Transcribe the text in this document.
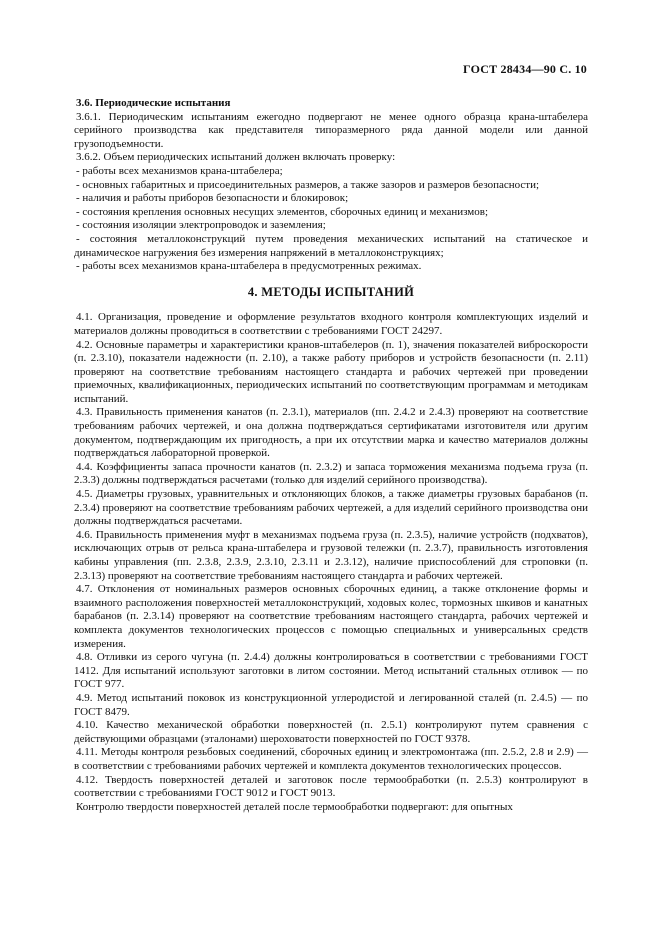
ГОСТ 28434—90 С. 10
3.6. Периодические испытания

3.6.1. Периодическим испытаниям ежегодно подвергают не менее одного образца крана-штабелера серийного производства как представителя типоразмерного ряда данной модели или данной грузоподъемности.

3.6.2. Объем периодических испытаний должен включать проверку:

- работы всех механизмов крана-штабелера;

- основных габаритных и присоединительных размеров, а также зазоров и размеров безопасности;

- наличия и работы приборов безопасности и блокировок;

- состояния крепления основных несущих элементов, сборочных единиц и механизмов;

- состояния изоляции электропроводок и заземления;

- состояния металлоконструкций путем проведения механических испытаний на статическое и динамическое нагружения без измерения напряжений в металлоконструкциях;

- работы всех механизмов крана-штабелера в предусмотренных режимах.

4. МЕТОДЫ ИСПЫТАНИЙ

4.1. Организация, проведение и оформление результатов входного контроля комплектующих изделий и материалов должны проводиться в соответствии с требованиями ГОСТ 24297.

4.2. Основные параметры и характеристики кранов-штабелеров (п. 1), значения показателей виброскорости (п. 2.3.10), показатели надежности (п. 2.10), а также работу приборов и устройств безопасности (п. 2.11) проверяют на соответствие требованиям настоящего стандарта и рабочих чертежей при проведении приемочных, квалификационных, периодических испытаний по соответствующим программам и методикам испытаний.

4.3. Правильность применения канатов (п. 2.3.1), материалов (пп. 2.4.2 и 2.4.3) проверяют на соответствие требованиям рабочих чертежей, и она должна подтверждаться сертификатами изготовителя или другим документом, подтверждающим их пригодность, а при их отсутствии марка и качество материалов должны подтверждаться лабораторной проверкой.

4.4. Коэффициенты запаса прочности канатов (п. 2.3.2) и запаса торможения механизма подъема груза (п. 2.3.3) должны подтверждаться расчетами (только для изделий серийного производства).

4.5. Диаметры грузовых, уравнительных и отклоняющих блоков, а также диаметры грузовых барабанов (п. 2.3.4) проверяют на соответствие требованиям рабочих чертежей, а для изделий серийного производства они должны подтверждаться расчетами.

4.6. Правильность применения муфт в механизмах подъема груза (п. 2.3.5), наличие устройств (подхватов), исключающих отрыв от рельса крана-штабелера и грузовой тележки (п. 2.3.7), правильность изготовления кабины управления (пп. 2.3.8, 2.3.9, 2.3.10, 2.3.11 и 2.3.12), наличие приспособлений для строповки (п. 2.3.13) проверяют на соответствие требованиям настоящего стандарта и рабочих чертежей.

4.7. Отклонения от номинальных размеров основных сборочных единиц, а также отклонение формы и взаимного расположения поверхностей металлоконструкций, ходовых колес, тормозных шкивов и канатных барабанов (п. 2.3.14) проверяют на соответствие требованиям настоящего стандарта, рабочих чертежей и комплекта документов технологических процессов с помощью специальных и универсальных средств измерения.

4.8. Отливки из серого чугуна (п. 2.4.4) должны контролироваться в соответствии с требованиями ГОСТ 1412. Для испытаний используют заготовки в литом состоянии. Метод испытаний стальных отливок — по ГОСТ 977.

4.9. Метод испытаний поковок из конструкционной углеродистой и легированной сталей (п. 2.4.5) — по ГОСТ 8479.

4.10. Качество механической обработки поверхностей (п. 2.5.1) контролируют путем сравнения с действующими образцами (эталонами) шероховатости поверхностей по ГОСТ 9378.

4.11. Методы контроля резьбовых соединений, сборочных единиц и электромонтажа (пп. 2.5.2, 2.8 и 2.9) — в соответствии с требованиями рабочих чертежей и комплекта документов технологических процессов.

4.12. Твердость поверхностей деталей и заготовок после термообработки (п. 2.5.3) контролируют в соответствии с требованиями ГОСТ 9012 и ГОСТ 9013.

Контролю твердости поверхностей деталей после термообработки подвергают: для опытных
